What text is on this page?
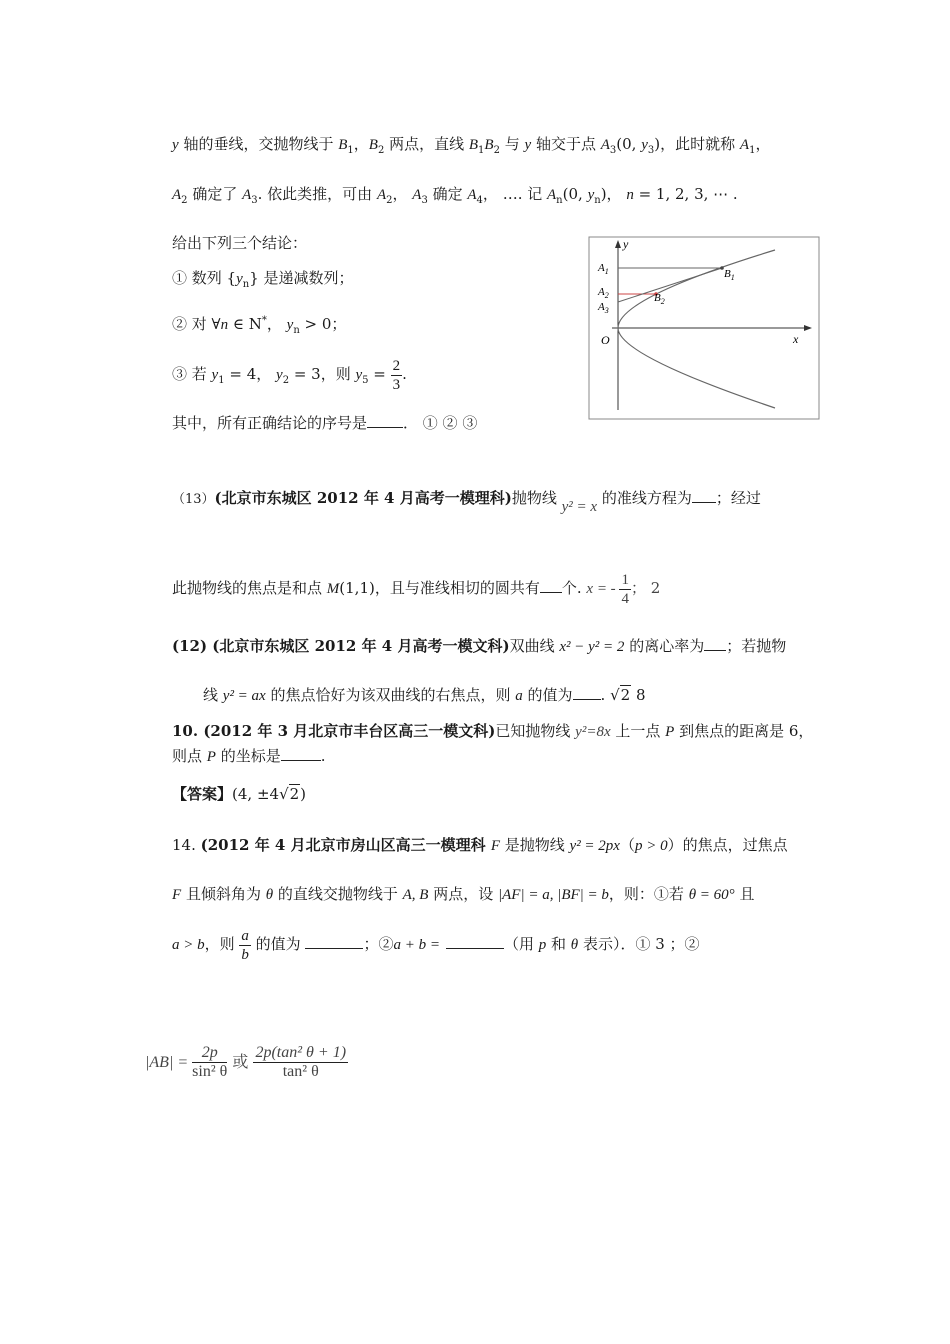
y 轴的垂线，交抛物线于 $B_1$，$B_2$ 两点，直线 $B_1B_2$ 与 y 轴交于点 $A_3(0$, $y_3$)，此时就称 $A_1$，
$A_2$ 确定了 $A_3$. 依此类推，可由 $A_2$， $A_3$ 确定 $A_4$， …. 记 $A_n(0$, $y_n$)， n = 1, 2, 3, ⋯ .
给出下列三个结论：
① 数列 $\{y_n\}$ 是递减数列；
② 对 ∀n ∈ N*， $y_n > 0$；
③ 若 $y_1 = 4$， $y_2 = 3$，则 $y_5 = \frac{2}{3}$ .
其中，所有正确结论的序号是 ． ① ② ③
y
x
O
$A_1$
$A_2$
$A_3$
$B_1$
$B_2$
（13）(北京市东城区 2012 年 4 月高考一模理科)抛物线 y² = x 的准线方程为 ；经过
此抛物线的焦点是和点 M(1,1)，且与准线相切的圆共有 个. x = - $\frac{1}{4}$ ； 2
(12) (北京市东城区 2012 年 4 月高考一模文科)双曲线 x² − y² = 2 的离心率为 ；若抛物
线 y² = ax 的焦点恰好为该双曲线的右焦点，则 a 的值为 . √2 8
10. (2012 年 3 月北京市丰台区高三一模文科)已知抛物线 y²=8x 上一点 P 到焦点的距离是 6，
则点 P 的坐标是	.
【答案】(4, ±4√2)
14. (2012 年 4 月北京市房山区高三一模理科 F 是抛物线 y² = 2px（p > 0）的焦点，过焦点
F 且倾斜角为 θ 的直线交抛物线于 A, B 两点，设 |AF| = a, |BF| = b，则：①若 θ = 60° 且
a > b，则 $\frac{a}{b}$ 的值为	；②a + b =	（用 p 和 θ 表示）．① 3 ；②
$|AB| = \frac{2p}{\text{sin² θ}}$ 或 $\frac{\text{2p(tan² θ + 1)}}{\text{tan² θ}}$
